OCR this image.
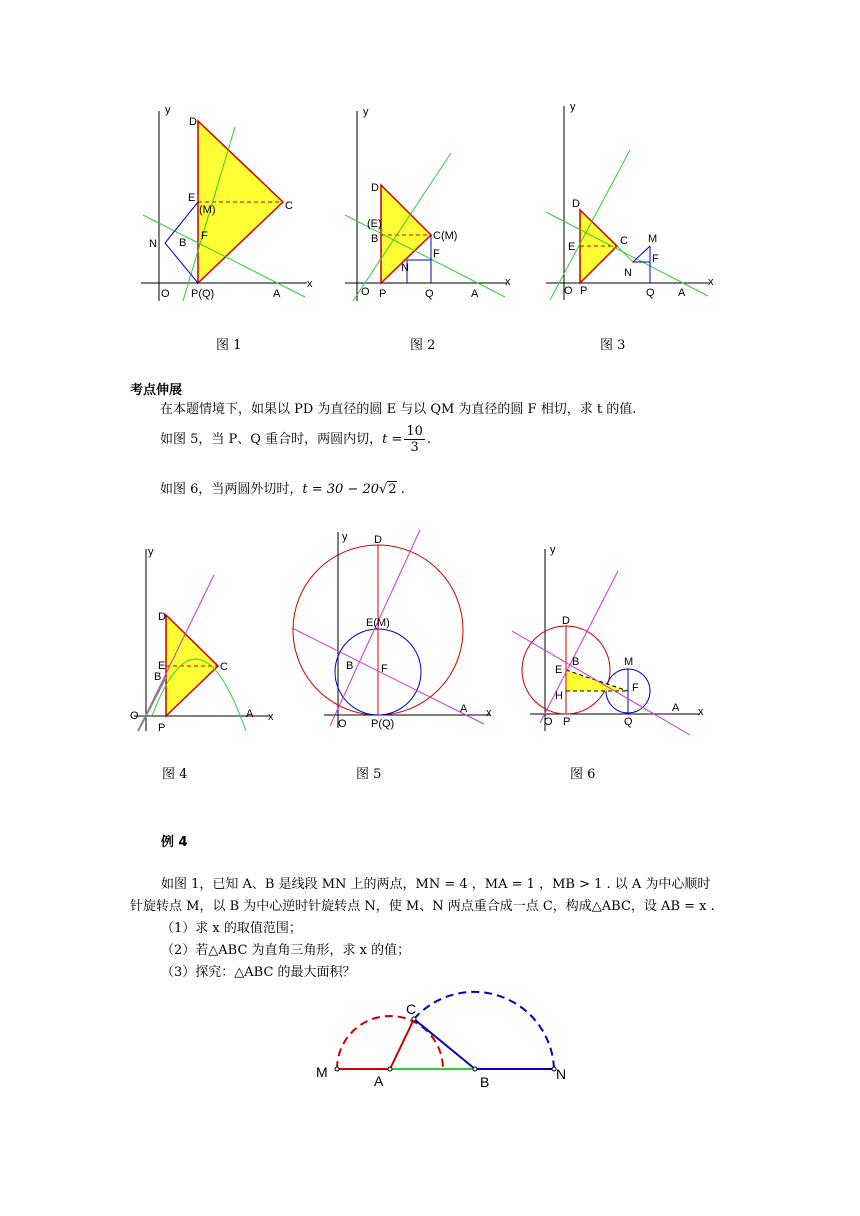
y
x
D
C
E
(M)
F
B
N
O P(Q)	A
图 1
y
x
D
C(M)
(E)
B
F
N
O P	Q	A
图 2
y
x
D
E	C M
F
N
O P	Q A
图 3
考点伸展
在本题情境下，如果以 PD 为直径的圆 E 与以 QM 为直径的圆 F 相切，求 t 的值.
如图 5，当 P、Q 重合时，两圆内切，$t = \frac{10}{3}$ .
如图 6，当两圆外切时，t = 30 − 20√2 .
y
x
D
E	C
B
O
P
A
图 4
y
x
D
E(M)
B	F
O P(Q)
A
图 5
y
x
D
E
B	M
F
H
O P	Q
A
图 6
例 4
如图 1，已知 A、B 是线段 MN 上的两点，MN = 4 ，MA = 1 ，MB > 1 . 以 A 为中心顺时
针旋转点 M，以 B 为中心逆时针旋转点 N，使 M、N 两点重合成一点 C，构成△ABC，设 AB = x .
（1）求 x 的取值范围；
（2）若△ABC 为直角三角形，求 x 的值；
（3）探究：△ABC 的最大面积？
M
A	B	N
C
